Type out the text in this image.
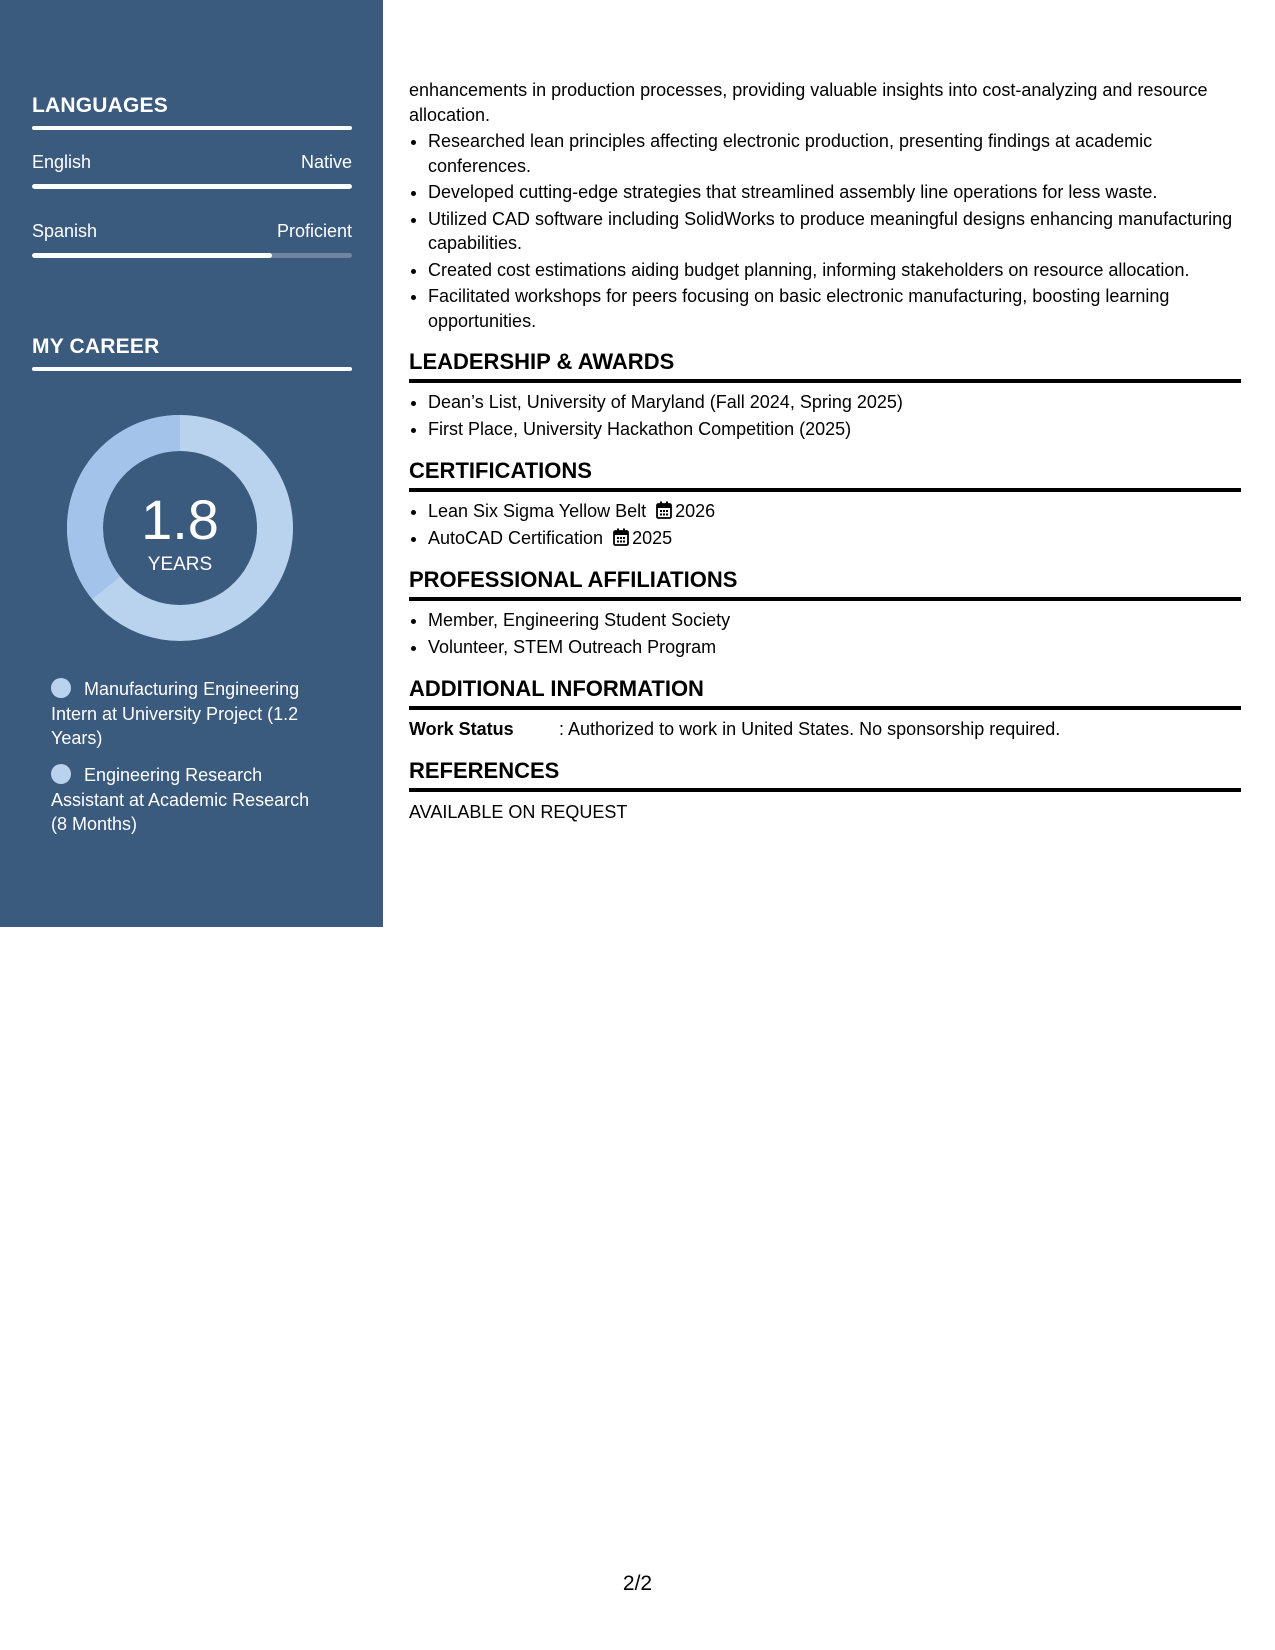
LANGUAGES
English	Native
Spanish	Proficient
MY CAREER
1.8
YEARS
Manufacturing Engineering Intern at University Project (1.2 Years)
Engineering Research Assistant at Academic Research (8 Months)

enhancements in production processes, providing valuable insights into cost-analyzing and resource allocation.

• Researched lean principles affecting electronic production, presenting findings at academic conferences.
• Developed cutting-edge strategies that streamlined assembly line operations for less waste.
• Utilized CAD software including SolidWorks to produce meaningful designs enhancing manufacturing capabilities.
• Created cost estimations aiding budget planning, informing stakeholders on resource allocation.
• Facilitated workshops for peers focusing on basic electronic manufacturing, boosting learning opportunities.
LEADERSHIP & AWARDS
• Dean’s List, University of Maryland (Fall 2024, Spring 2025)
• First Place, University Hackathon Competition (2025)
CERTIFICATIONS
• Lean Six Sigma Yellow Belt 2026
• AutoCAD Certification 2025
PROFESSIONAL AFFILIATIONS
• Member, Engineering Student Society
• Volunteer, STEM Outreach Program
ADDITIONAL INFORMATION
Work Status	: Authorized to work in United States. No sponsorship required.
REFERENCES
AVAILABLE ON REQUEST
2/2
